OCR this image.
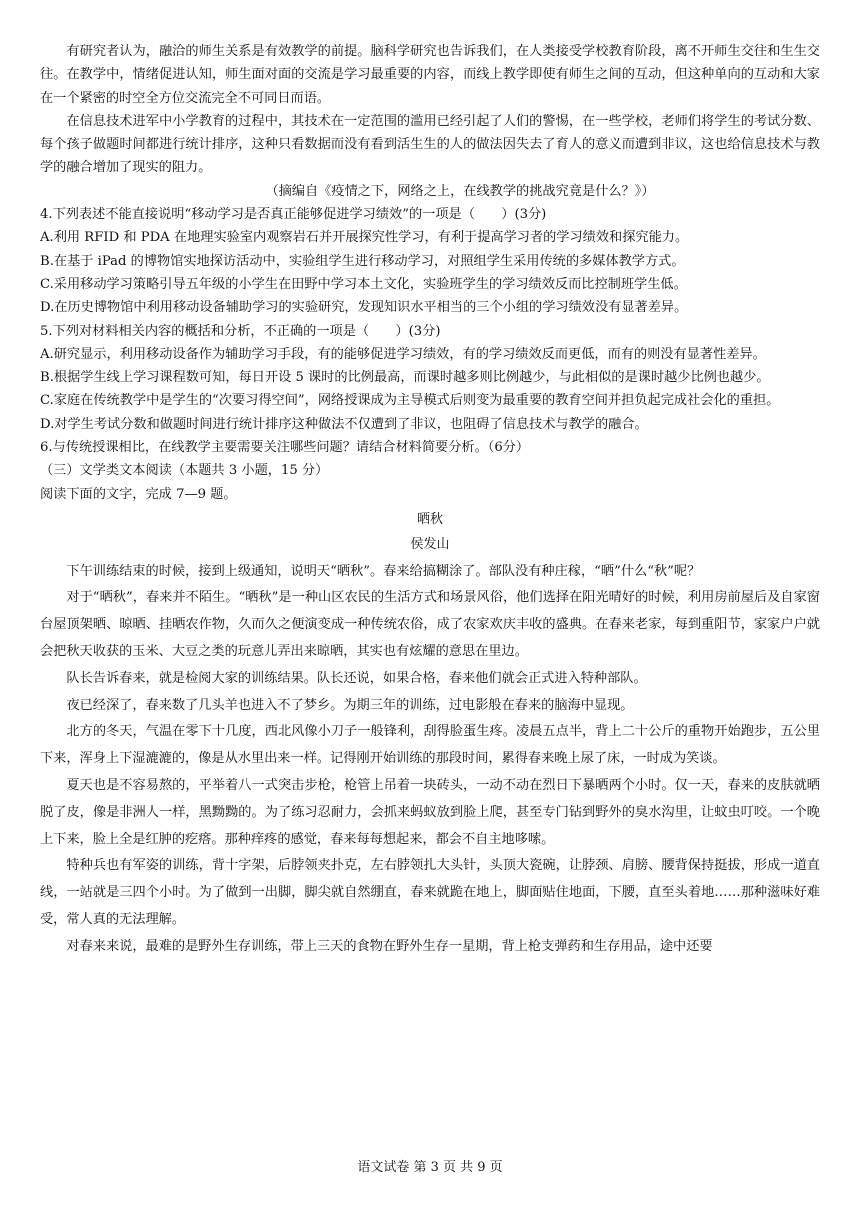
有研究者认为，融洽的师生关系是有效教学的前提。脑科学研究也告诉我们，在人类接受学校教育阶段，离不开师生交往和生生交往。在教学中，情绪促进认知，师生面对面的交流是学习最重要的内容，而线上教学即使有师生之间的互动，但这种单向的互动和大家在一个紧密的时空全方位交流完全不可同日而语。

在信息技术进军中小学教育的过程中，其技术在一定范围的滥用已经引起了人们的警惕，在一些学校，老师们将学生的考试分数、每个孩子做题时间都进行统计排序，这种只看数据而没有看到活生生的人的做法因失去了育人的意义而遭到非议，这也给信息技术与教学的融合增加了现实的阻力。

（摘编自《疫情之下，网络之上，在线教学的挑战究竟是什么？》）

4.下列表述不能直接说明“移动学习是否真正能够促进学习绩效”的一项是（　　）(3分)

A.利用 RFID 和 PDA 在地理实验室内观察岩石并开展探究性学习，有利于提高学习者的学习绩效和探究能力。

B.在基于 iPad 的博物馆实地探访活动中，实验组学生进行移动学习，对照组学生采用传统的多媒体教学方式。

C.采用移动学习策略引导五年级的小学生在田野中学习本土文化，实验班学生的学习绩效反而比控制班学生低。

D.在历史博物馆中利用移动设备辅助学习的实验研究，发现知识水平相当的三个小组的学习绩效没有显著差异。

5.下列对材料相关内容的概括和分析，不正确的一项是（　　）(3分)

A.研究显示，利用移动设备作为辅助学习手段，有的能够促进学习绩效，有的学习绩效反而更低，而有的则没有显著性差异。

B.根据学生线上学习课程数可知，每日开设 5 课时的比例最高，而课时越多则比例越少，与此相似的是课时越少比例也越少。

C.家庭在传统教学中是学生的“次要习得空间”，网络授课成为主导模式后则变为最重要的教育空间并担负起完成社会化的重担。

D.对学生考试分数和做题时间进行统计排序这种做法不仅遭到了非议，也阻碍了信息技术与教学的融合。

6.与传统授课相比，在线教学主要需要关注哪些问题？请结合材料简要分析。（6分）

（三）文学类文本阅读（本题共 3 小题，15 分）

阅读下面的文字，完成 7—9 题。

晒秋

侯发山

下午训练结束的时候，接到上级通知，说明天“晒秋”。春来给搞糊涂了。部队没有种庄稼，“晒”什么“秋”呢？

对于“晒秋”，春来并不陌生。“晒秋”是一种山区农民的生活方式和场景风俗，他们选择在阳光晴好的时候，利用房前屋后及自家窗台屋顶架晒、晾晒、挂晒农作物，久而久之便演变成一种传统农俗，成了农家欢庆丰收的盛典。在春来老家，每到重阳节，家家户户就会把秋天收获的玉米、大豆之类的玩意儿弄出来晾晒，其实也有炫耀的意思在里边。

队长告诉春来，就是检阅大家的训练结果。队长还说，如果合格，春来他们就会正式进入特种部队。

夜已经深了，春来数了几头羊也进入不了梦乡。为期三年的训练，过电影般在春来的脑海中显现。

北方的冬天，气温在零下十几度，西北风像小刀子一般锋利，刮得脸蛋生疼。凌晨五点半，背上二十公斤的重物开始跑步，五公里下来，浑身上下湿漉漉的，像是从水里出来一样。记得刚开始训练的那段时间，累得春来晚上尿了床，一时成为笑谈。

夏天也是不容易熬的，平举着八一式突击步枪，枪管上吊着一块砖头，一动不动在烈日下暴晒两个小时。仅一天，春来的皮肤就晒脱了皮，像是非洲人一样，黑黝黝的。为了练习忍耐力，会抓来蚂蚁放到脸上爬，甚至专门钻到野外的臭水沟里，让蚊虫叮咬。一个晚上下来，脸上全是红肿的疙瘩。那种痒疼的感觉，春来每每想起来，都会不自主地哆嗦。

特种兵也有军姿的训练，背十字架，后脖领夹扑克，左右脖领扎大头针，头顶大瓷碗，让脖颈、肩膀、腰背保持挺拔，形成一道直线，一站就是三四个小时。为了做到一出脚，脚尖就自然绷直，春来就跪在地上，脚面贴住地面，下腰，直至头着地……那种滋味好难受，常人真的无法理解。

对春来来说，最难的是野外生存训练，带上三天的食物在野外生存一星期，背上枪支弹药和生存用品，途中还要

语文试卷 第 3 页 共 9 页
